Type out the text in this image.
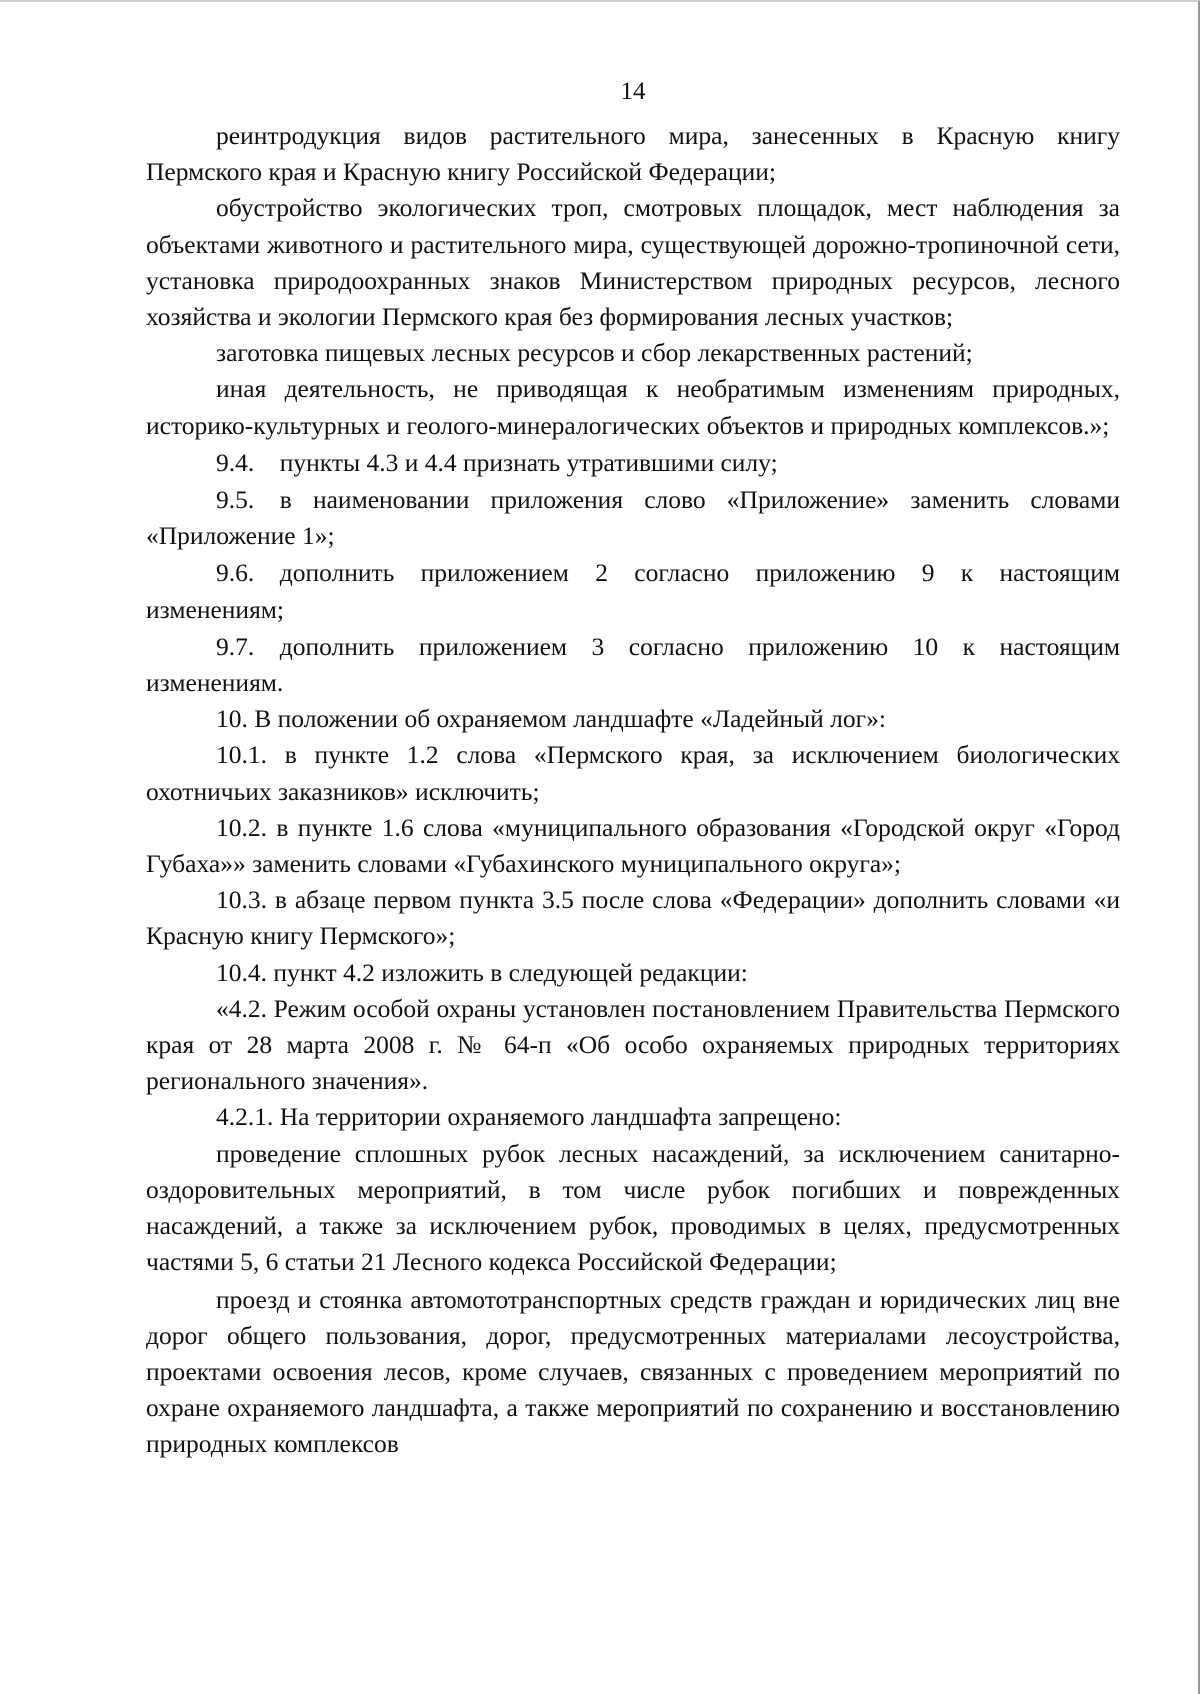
14

реинтродукция видов растительного мира, занесенных в Красную книгу Пермского края и Красную книгу Российской Федерации;

обустройство экологических троп, смотровых площадок, мест наблюдения за объектами животного и растительного мира, существующей дорожно-тропиночной сети, установка природоохранных знаков Министерством природных ресурсов, лесного хозяйства и экологии Пермского края без формирования лесных участков;

заготовка пищевых лесных ресурсов и сбор лекарственных растений;

иная деятельность, не приводящая к необратимым изменениям природных, историко-культурных и геолого-минералогических объектов и природных комплексов.»;

9.4. пункты 4.3 и 4.4 признать утратившими силу;

9.5. в наименовании приложения слово «Приложение» заменить словами «Приложение 1»;

9.6. дополнить приложением 2 согласно приложению 9 к настоящим изменениям;

9.7. дополнить приложением 3 согласно приложению 10 к настоящим изменениям.

10. В положении об охраняемом ландшафте «Ладейный лог»:

10.1. в пункте 1.2 слова «Пермского края, за исключением биологических охотничьих заказников» исключить;

10.2. в пункте 1.6 слова «муниципального образования «Городской округ «Город Губаха»» заменить словами «Губахинского муниципального округа»;

10.3. в абзаце первом пункта 3.5 после слова «Федерации» дополнить словами «и Красную книгу Пермского»;

10.4. пункт 4.2 изложить в следующей редакции:

«4.2. Режим особой охраны установлен постановлением Правительства Пермского края от 28 марта 2008 г. № 64-п «Об особо охраняемых природных территориях регионального значения».

4.2.1. На территории охраняемого ландшафта запрещено:

проведение сплошных рубок лесных насаждений, за исключением санитарно-оздоровительных мероприятий, в том числе рубок погибших и поврежденных насаждений, а также за исключением рубок, проводимых в целях, предусмотренных частями 5, 6 статьи 21 Лесного кодекса Российской Федерации;

проезд и стоянка автомототранспортных средств граждан и юридических лиц вне дорог общего пользования, дорог, предусмотренных материалами лесоустройства, проектами освоения лесов, кроме случаев, связанных с проведением мероприятий по охране охраняемого ландшафта, а также мероприятий по сохранению и восстановлению природных комплексов
